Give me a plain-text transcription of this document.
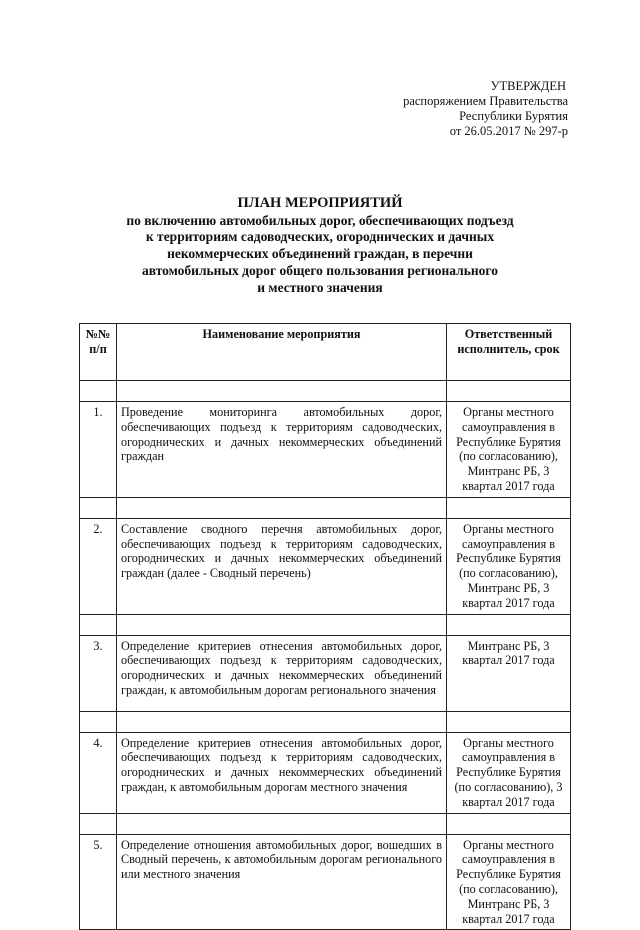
УТВЕРЖДЕН
распоряжением Правительства
Республики Бурятия
от 26.05.2017 № 297-р
ПЛАН МЕРОПРИЯТИЙ
по включению автомобильных дорог, обеспечивающих подъезд
к территориям садоводческих, огороднических и дачных
некоммерческих объединений граждан, в перечни
автомобильных дорог общего пользования регионального
и местного значения
№№ п/п	Наименование мероприятия	Ответственный исполнитель, срок

1.	Проведение мониторинга автомобильных дорог, обеспечивающих подъезд к территориям садоводческих, огороднических и дачных некоммерческих объединений граждан	Органы местного самоуправления в Республике Бурятия (по согласованию), Минтранс РБ, 3 квартал 2017 года

2.	Составление сводного перечня автомобильных дорог, обеспечивающих подъезд к территориям садоводческих, огороднических и дачных некоммерческих объединений граждан (далее - Сводный перечень)	Органы местного самоуправления в Республике Бурятия (по согласованию), Минтранс РБ, 3 квартал 2017 года

3.	Определение критериев отнесения автомобильных дорог, обеспечивающих подъезд к территориям садоводческих, огороднических и дачных некоммерческих объединений граждан, к автомобильным дорогам регионального значения	Минтранс РБ, 3 квартал 2017 года

4.	Определение критериев отнесения автомобильных дорог, обеспечивающих подъезд к территориям садоводческих, огороднических и дачных некоммерческих объединений граждан, к автомобильным дорогам местного значения	Органы местного самоуправления в Республике Бурятия (по согласованию), 3 квартал 2017 года

5.	Определение отношения автомобильных дорог, вошедших в Сводный перечень, к автомобильным дорогам регионального или местного значения	Органы местного самоуправления в Республике Бурятия (по согласованию), Минтранс РБ, 3 квартал 2017 года
